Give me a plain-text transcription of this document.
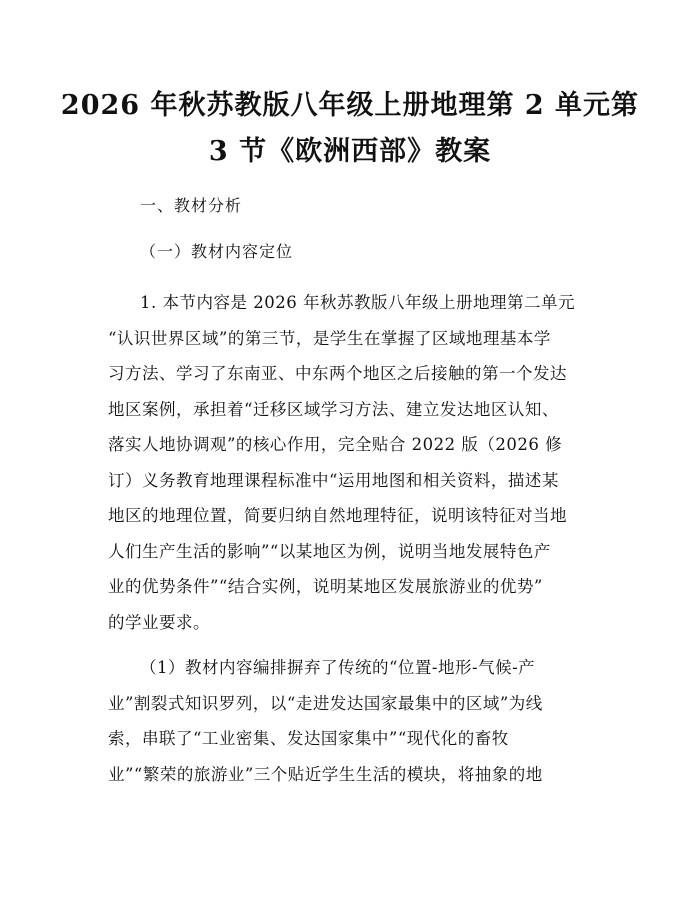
2026 年秋苏教版八年级上册地理第 2 单元第
3 节《欧洲西部》教案
一、教材分析
（一）教材内容定位
1. 本节内容是 2026 年秋苏教版八年级上册地理第二单元
“认识世界区域”的第三节，是学生在掌握了区域地理基本学
习方法、学习了东南亚、中东两个地区之后接触的第一个发达
地区案例，承担着“迁移区域学习方法、建立发达地区认知、
落实人地协调观”的核心作用，完全贴合 2022 版（2026 修
订）义务教育地理课程标准中“运用地图和相关资料，描述某
地区的地理位置，简要归纳自然地理特征，说明该特征对当地
人们生产生活的影响”“以某地区为例，说明当地发展特色产
业的优势条件”“结合实例，说明某地区发展旅游业的优势”
的学业要求。
（1）教材内容编排摒弃了传统的“位置-地形-气候-产
业”割裂式知识罗列，以“走进发达国家最集中的区域”为线
索，串联了“工业密集、发达国家集中”“现代化的畜牧
业”“繁荣的旅游业”三个贴近学生生活的模块，将抽象的地
